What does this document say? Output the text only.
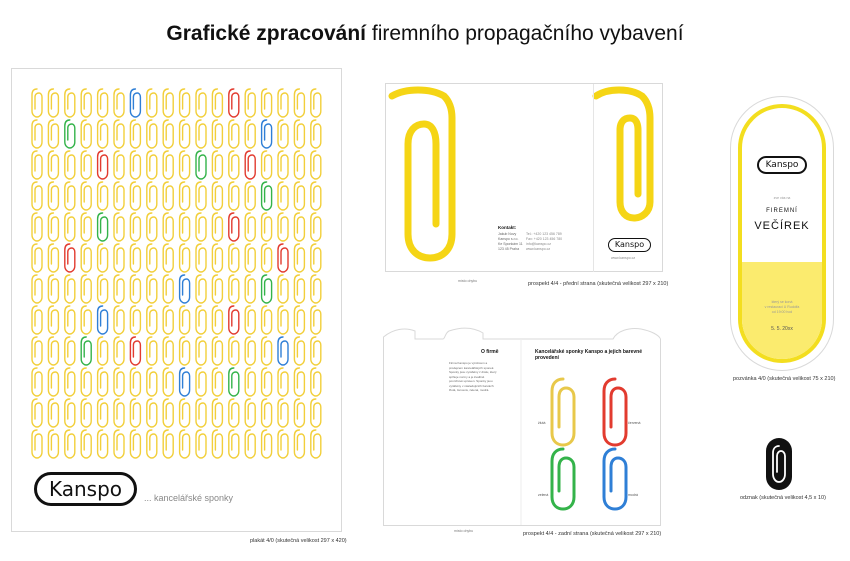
Grafické zpracování firemního propagačního vybavení
Kanspo	... kancelářské sponky
plakát 4/0 (skutečná velikost 297 x 420)
Kontakt:
Jakub Novy
Kanspo s.r.o.
Ke Sponkám 11
123 45 Praha
Tel.: +420 123 456 789
Fax: +420 123 456 780
info@kanspo.cz
www.kanspo.cz	Kanspo
www.kanspo.cz
místo ohybu	prospekt 4/4 - přední strana (skutečná velikost 297 x 210)
O firmě
Firma Kanspo je výrobcem a prodejcem kancelářských sponek. Sponky jsou vyráběny z drátu, který splňuje normy a je kvalitně povrchově upraven. Sponky jsou vyráběny v následujících barvách: žlutá, červená, zelená, modrá.
Kancelářské sponky Kanspo a jejich barevné provedení
žlutá	červená
zelená	modrá
místo ohybu	prospekt 4/4 - zadní strana (skutečná velikost 297 x 210)
Kanspo
zve vás na
FIREMNÍ
VEČÍREK
který se koná
v restauraci U Rudolfa
od 19:00 hod
5. 5. 20xx
pozvánka 4/0 (skutečná velikost 75 x 210)
odznak (skutečná velikost 4,5 x 10)
